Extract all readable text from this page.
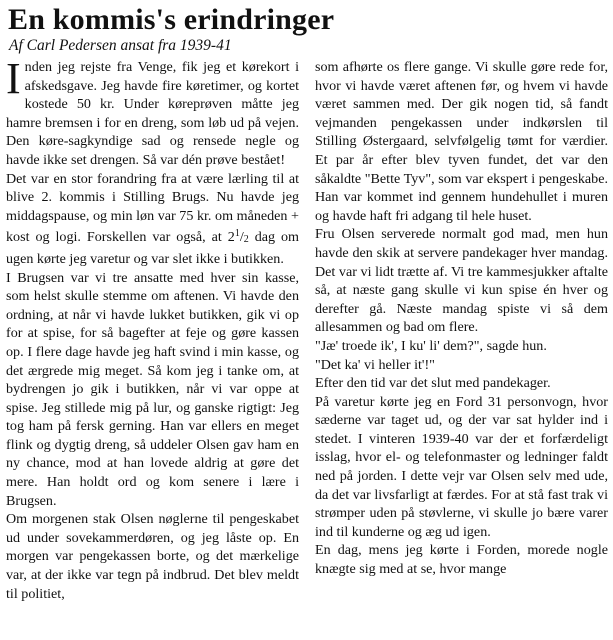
En kommis's erindringer

Af Carl Pedersen ansat fra 1939-41

Inden jeg rejste fra Venge, fik jeg et kørekort i afskedsgave. Jeg havde fire køretimer, og kortet kostede 50 kr. Under køreprøven måtte jeg hamre bremsen i for en dreng, som løb ud på vejen. Den køre-sagkyndige sad og rensede negle og havde ikke set drengen. Så var dén prøve bestået!

Det var en stor forandring fra at være lærling til at blive 2. kommis i Stilling Brugs. Nu havde jeg middagspause, og min løn var 75 kr. om måneden + kost og logi. Forskellen var også, at $2^1/_2$ dag om ugen kørte jeg varetur og var slet ikke i butikken.

I Brugsen var vi tre ansatte med hver sin kasse, som helst skulle stemme om aftenen. Vi havde den ordning, at når vi havde lukket butikken, gik vi op for at spise, for så bagefter at feje og gøre kassen op. I flere dage havde jeg haft svind i min kasse, og det ærgrede mig meget. Så kom jeg i tanke om, at bydrengen jo gik i butikken, når vi var oppe at spise. Jeg stillede mig på lur, og ganske rigtigt: Jeg tog ham på fersk gerning. Han var ellers en meget flink og dygtig dreng, så uddeler Olsen gav ham en ny chance, mod at han lovede aldrig at gøre det mere. Han holdt ord og kom senere i lære i Brugsen.

Om morgenen stak Olsen nøglerne til pengeskabet ud under sovekammerdøren, og jeg låste op. En morgen var pengekassen borte, og det mærkelige var, at der ikke var tegn på indbrud. Det blev meldt til politiet,

som afhørte os flere gange. Vi skulle gøre rede for, hvor vi havde været aftenen før, og hvem vi havde været sammen med. Der gik nogen tid, så fandt vejmanden pengekassen under indkørslen til Stilling Østergaard, selvfølgelig tømt for værdier. Et par år efter blev tyven fundet, det var den såkaldte "Bette Tyv", som var ekspert i pengeskabe. Han var kommet ind gennem hundehullet i muren og havde haft fri adgang til hele huset.

Fru Olsen serverede normalt god mad, men hun havde den skik at servere pandekager hver mandag. Det var vi lidt trætte af. Vi tre kammesjukker aftalte så, at næste gang skulle vi kun spise én hver og derefter gå. Næste mandag spiste vi så dem allesammen og bad om flere.

"Jæ' troede ik', I ku' li' dem?", sagde hun.

"Det ka' vi heller it'!"

Efter den tid var det slut med pandekager.

På varetur kørte jeg en Ford 31 personvogn, hvor sæderne var taget ud, og der var sat hylder ind i stedet. I vinteren 1939-40 var der et forfærdeligt isslag, hvor el- og telefonmaster og ledninger faldt ned på jorden. I dette vejr var Olsen selv med ude, da det var livsfarligt at færdes. For at stå fast trak vi strømper uden på støvlerne, vi skulle jo bære varer ind til kunderne og æg ud igen.

En dag, mens jeg kørte i Forden, morede nogle knægte sig med at se, hvor mange
